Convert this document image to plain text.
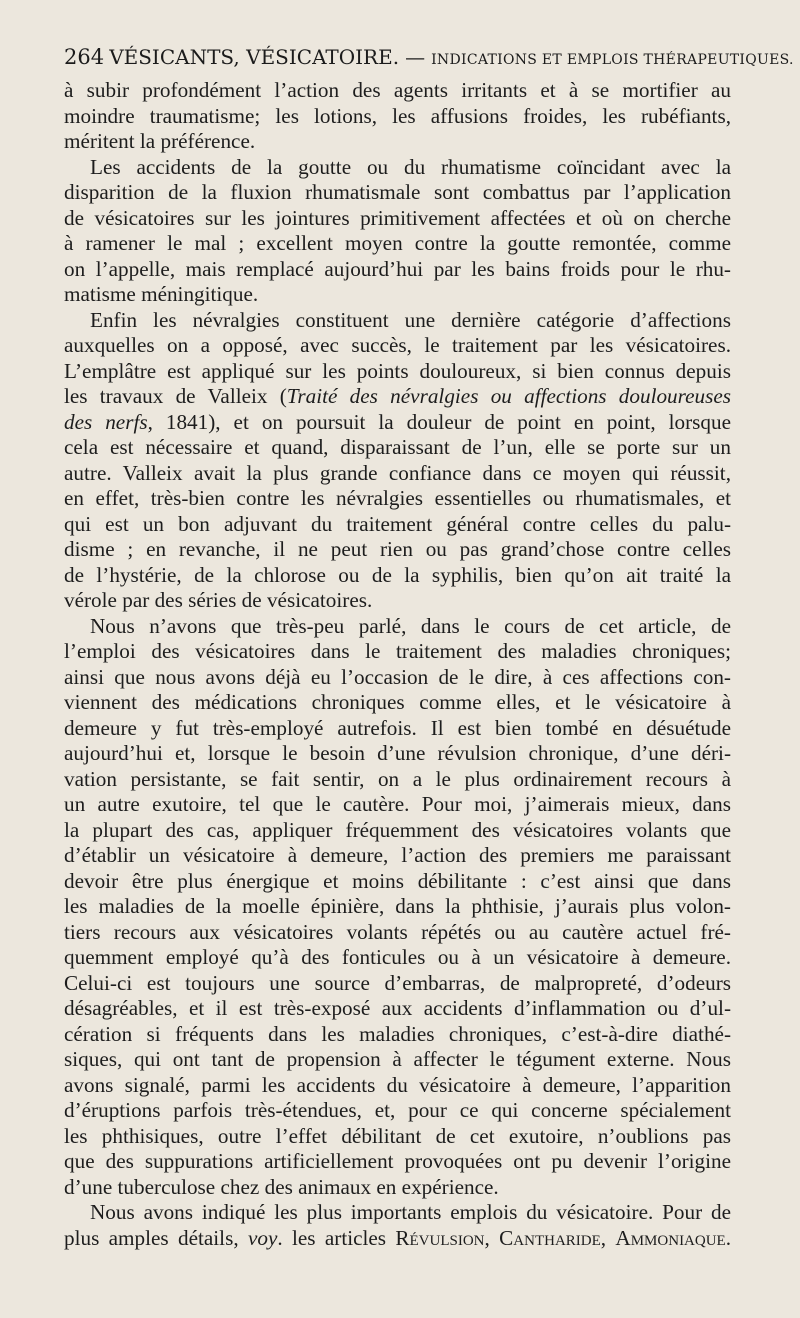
264 VÉSICANTS, VÉSICATOIRE. — INDICATIONS ET EMPLOIS THÉRAPEUTIQUES.
à subir profondément l’action des agents irritants et à se mortifier au
moindre traumatisme; les lotions, les affusions froides, les rubéfiants,
méritent la préférence.
Les accidents de la goutte ou du rhumatisme coïncidant avec la
disparition de la fluxion rhumatismale sont combattus par l’application
de vésicatoires sur les jointures primitivement affectées et où on cherche
à ramener le mal ; excellent moyen contre la goutte remontée, comme
on l’appelle, mais remplacé aujourd’hui par les bains froids pour le rhu-
matisme méningitique.
Enfin les névralgies constituent une dernière catégorie d’affections
auxquelles on a opposé, avec succès, le traitement par les vésicatoires.
L’emplâtre est appliqué sur les points douloureux, si bien connus depuis
les travaux de Valleix (Traité des névralgies ou affections douloureuses
des nerfs, 1841), et on poursuit la douleur de point en point, lorsque
cela est nécessaire et quand, disparaissant de l’un, elle se porte sur un
autre. Valleix avait la plus grande confiance dans ce moyen qui réussit,
en effet, très-bien contre les névralgies essentielles ou rhumatismales, et
qui est un bon adjuvant du traitement général contre celles du palu-
disme ; en revanche, il ne peut rien ou pas grand’chose contre celles
de l’hystérie, de la chlorose ou de la syphilis, bien qu’on ait traité la
vérole par des séries de vésicatoires.
Nous n’avons que très-peu parlé, dans le cours de cet article, de
l’emploi des vésicatoires dans le traitement des maladies chroniques;
ainsi que nous avons déjà eu l’occasion de le dire, à ces affections con-
viennent des médications chroniques comme elles, et le vésicatoire à
demeure y fut très-employé autrefois. Il est bien tombé en désuétude
aujourd’hui et, lorsque le besoin d’une révulsion chronique, d’une déri-
vation persistante, se fait sentir, on a le plus ordinairement recours à
un autre exutoire, tel que le cautère. Pour moi, j’aimerais mieux, dans
la plupart des cas, appliquer fréquemment des vésicatoires volants que
d’établir un vésicatoire à demeure, l’action des premiers me paraissant
devoir être plus énergique et moins débilitante : c’est ainsi que dans
les maladies de la moelle épinière, dans la phthisie, j’aurais plus volon-
tiers recours aux vésicatoires volants répétés ou au cautère actuel fré-
quemment employé qu’à des fonticules ou à un vésicatoire à demeure.
Celui-ci est toujours une source d’embarras, de malpropreté, d’odeurs
désagréables, et il est très-exposé aux accidents d’inflammation ou d’ul-
cération si fréquents dans les maladies chroniques, c’est-à-dire diathé-
siques, qui ont tant de propension à affecter le tégument externe. Nous
avons signalé, parmi les accidents du vésicatoire à demeure, l’apparition
d’éruptions parfois très-étendues, et, pour ce qui concerne spécialement
les phthisiques, outre l’effet débilitant de cet exutoire, n’oublions pas
que des suppurations artificiellement provoquées ont pu devenir l’origine
d’une tuberculose chez des animaux en expérience.
Nous avons indiqué les plus importants emplois du vésicatoire. Pour de
plus amples détails, voy. les articles Révulsion, Cantharide, Ammoniaque.
